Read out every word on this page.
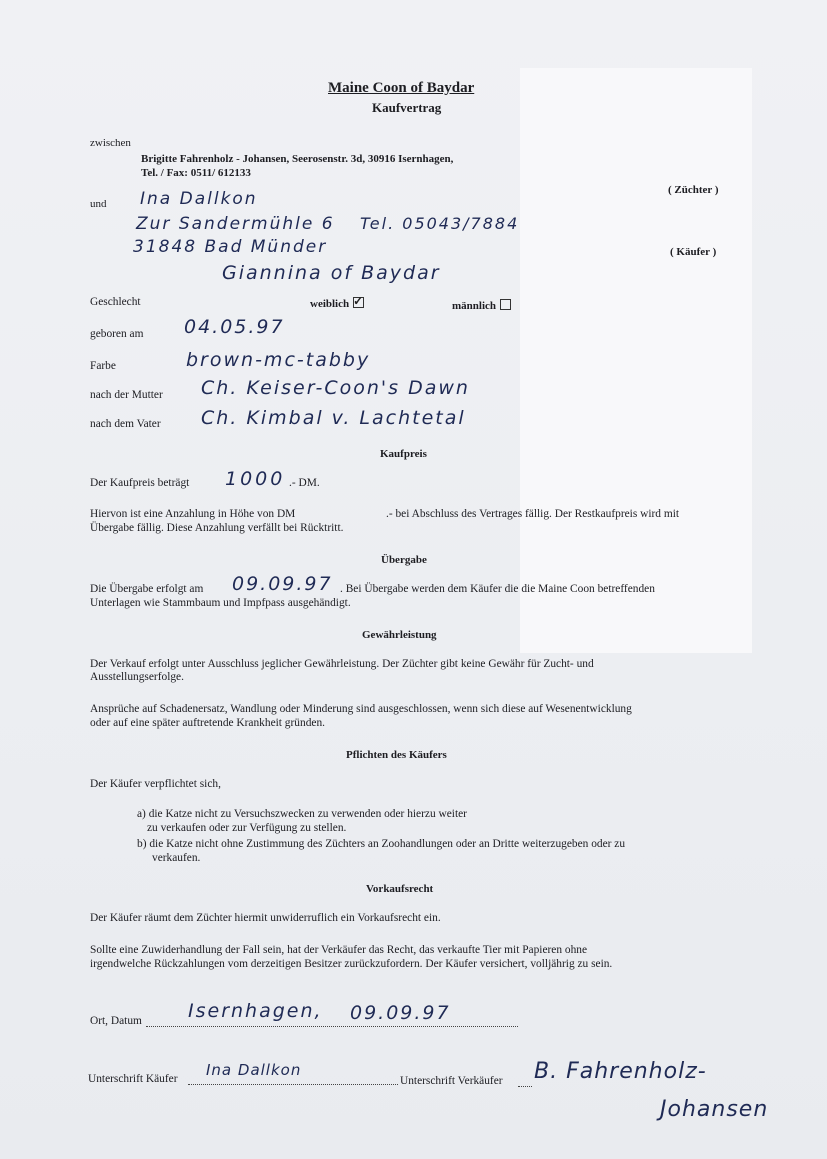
Maine Coon of Baydar
Kaufvertrag
zwischen
Brigitte Fahrenholz - Johansen, Seerosenstr. 3d, 30916 Isernhagen,
Tel. / Fax: 0511/ 612133
( Züchter )
und Ina Dallkon
Zur Sandermühle 6 Tel. 05043/7884
31848 Bad Münder	( Käufer )
Giannina of Baydar
Geschlecht	weiblich ✓	männlich
geboren am 04.05.97
Farbe	brown-mc-tabby
nach der Mutter Ch. Keiser-Coon's Dawn
nach dem Vater Ch. Kimbal v. Lachtetal
Kaufpreis
Der Kaufpreis beträgt 1000 .- DM.
Hiervon ist eine Anzahlung in Höhe von DM	.- bei Abschluss des Vertrages fällig. Der Restkaufpreis wird mit
Übergabe fällig. Diese Anzahlung verfällt bei Rücktritt.
Übergabe
Die Übergabe erfolgt am 09.09.97 . Bei Übergabe werden dem Käufer die die Maine Coon betreffenden
Unterlagen wie Stammbaum und Impfpass ausgehändigt.
Gewährleistung
Der Verkauf erfolgt unter Ausschluss jeglicher Gewährleistung. Der Züchter gibt keine Gewähr für Zucht- und
Ausstellungserfolge.
Ansprüche auf Schadenersatz, Wandlung oder Minderung sind ausgeschlossen, wenn sich diese auf Wesenentwicklung
oder auf eine später auftretende Krankheit gründen.
Pflichten des Käufers
Der Käufer verpflichtet sich,
a) die Katze nicht zu Versuchszwecken zu verwenden oder hierzu weiter
zu verkaufen oder zur Verfügung zu stellen.
b) die Katze nicht ohne Zustimmung des Züchters an Zoohandlungen oder an Dritte weiterzugeben oder zu
verkaufen.
Vorkaufsrecht
Der Käufer räumt dem Züchter hiermit unwiderruflich ein Vorkaufsrecht ein.
Sollte eine Zuwiderhandlung der Fall sein, hat der Verkäufer das Recht, das verkaufte Tier mit Papieren ohne
irgendwelche Rückzahlungen vom derzeitigen Besitzer zurückzufordern. Der Käufer versichert, volljährig zu sein.
Ort, Datum Isernhagen, 09.09.97
Unterschrift Käufer Ina Dallkon
Unterschrift Verkäufer B. Fahrenholz-
Johansen
